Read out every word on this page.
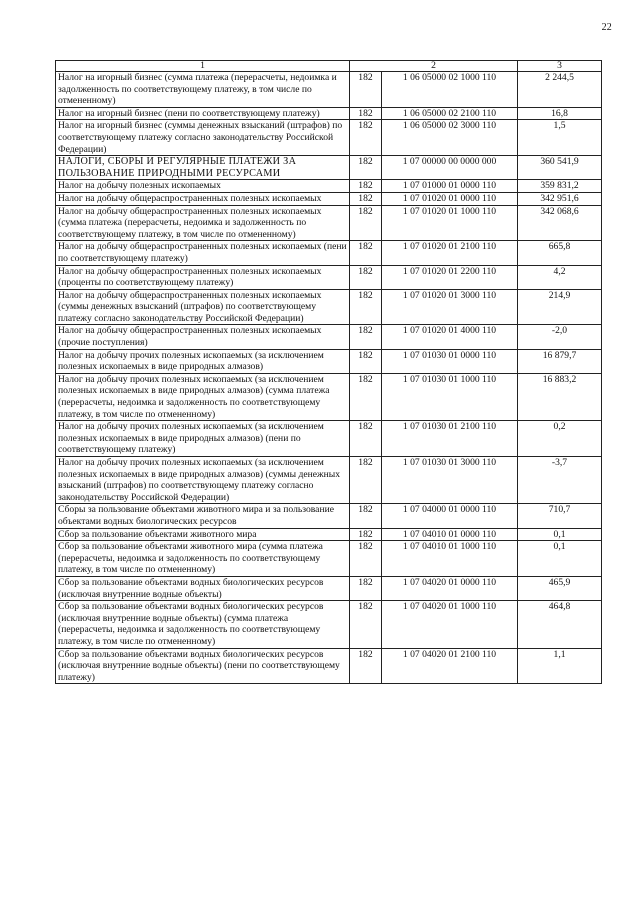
22
1	2		3
Налог на игорный бизнес (сумма платежа (перерасчеты, недоимка и задолженность по соответствующему платежу, в том числе по отмененному)	182	1 06 05000 02 1000 110	2 244,5
Налог на игорный бизнес (пени по соответствующему платежу)	182	1 06 05000 02 2100 110	16,8
Налог на игорный бизнес (суммы денежных взысканий (штрафов) по соответствующему платежу согласно законодательству Российской Федерации)	182	1 06 05000 02 3000 110	1,5
НАЛОГИ, СБОРЫ И РЕГУЛЯРНЫЕ ПЛАТЕЖИ ЗА ПОЛЬЗОВАНИЕ ПРИРОДНЫМИ РЕСУРСАМИ	182	1 07 00000 00 0000 000	360 541,9
Налог на добычу полезных ископаемых	182	1 07 01000 01 0000 110	359 831,2
Налог на добычу общераспространенных полезных ископаемых	182	1 07 01020 01 0000 110	342 951,6
Налог на добычу общераспространенных полезных ископаемых (сумма платежа (перерасчеты, недоимка и задолженность по соответствующему платежу, в том числе по отмененному)	182	1 07 01020 01 1000 110	342 068,6
Налог на добычу общераспространенных полезных ископаемых (пени по соответствующему платежу)	182	1 07 01020 01 2100 110	665,8
Налог на добычу общераспространенных полезных ископаемых (проценты по соответствующему платежу)	182	1 07 01020 01 2200 110	4,2
Налог на добычу общераспространенных полезных ископаемых (суммы денежных взысканий (штрафов) по соответствующему платежу согласно законодательству Российской Федерации)	182	1 07 01020 01 3000 110	214,9
Налог на добычу общераспространенных полезных ископаемых (прочие поступления)	182	1 07 01020 01 4000 110	-2,0
Налог на добычу прочих полезных ископаемых (за исключением полезных ископаемых в виде природных алмазов)	182	1 07 01030 01 0000 110	16 879,7
Налог на добычу прочих полезных ископаемых (за исключением полезных ископаемых в виде природных алмазов) (сумма платежа (перерасчеты, недоимка и задолженность по соответствующему платежу, в том числе по отмененному)	182	1 07 01030 01 1000 110	16 883,2
Налог на добычу прочих полезных ископаемых (за исключением полезных ископаемых в виде природных алмазов) (пени по соответствующему платежу)	182	1 07 01030 01 2100 110	0,2
Налог на добычу прочих полезных ископаемых (за исключением полезных ископаемых в виде природных алмазов) (суммы денежных взысканий (штрафов) по соответствующему платежу согласно законодательству Российской Федерации)	182	1 07 01030 01 3000 110	-3,7
Сборы за пользование объектами животного мира и за пользование объектами водных биологических ресурсов	182	1 07 04000 01 0000 110	710,7
Сбор за пользование объектами животного мира	182	1 07 04010 01 0000 110	0,1
Сбор за пользование объектами животного мира (сумма платежа (перерасчеты, недоимка и задолженность по соответствующему платежу, в том числе по отмененному)	182	1 07 04010 01 1000 110	0,1
Сбор за пользование объектами водных биологических ресурсов (исключая внутренние водные объекты)	182	1 07 04020 01 0000 110	465,9
Сбор за пользование объектами водных биологических ресурсов (исключая внутренние водные объекты) (сумма платежа (перерасчеты, недоимка и задолженность по соответствующему платежу, в том числе по отмененному)	182	1 07 04020 01 1000 110	464,8
Сбор за пользование объектами водных биологических ресурсов (исключая внутренние водные объекты) (пени по соответствующему платежу)	182	1 07 04020 01 2100 110	1,1
